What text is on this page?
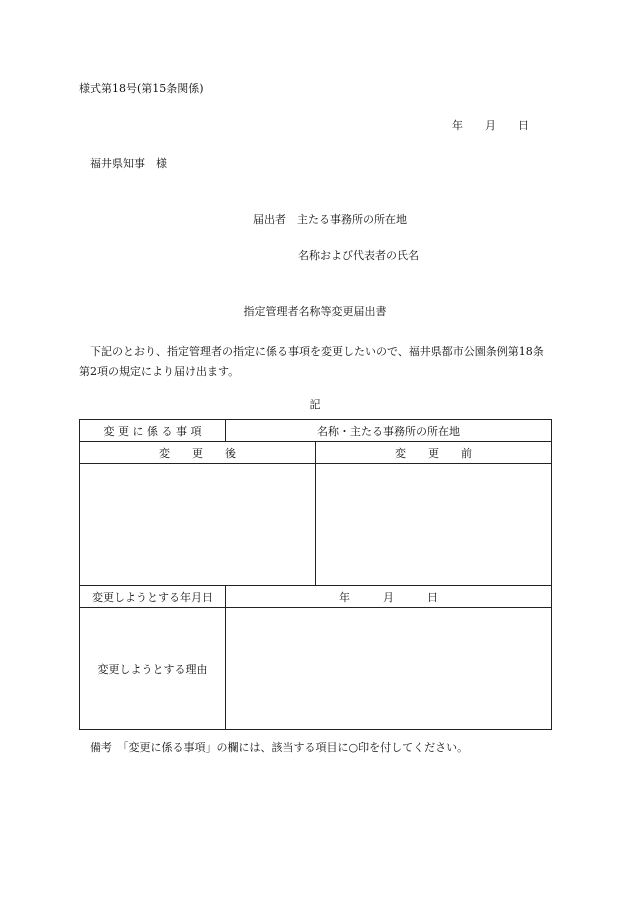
様式第18号(第15条関係)
年　　月　　日
福井県知事　様
届出者　主たる事務所の所在地
名称および代表者の氏名
指定管理者名称等変更届出書
下記のとおり、指定管理者の指定に係る事項を変更したいので、福井県都市公園条例第18条第2項の規定により届け出ます。
記
変 更 に 係 る 事 項	名称・主たる事務所の所在地	
変　　更　　後		変　　更　　前

変更しようとする年月日	年　　　月　　　日	
変更しようとする理由		
備考　「変更に係る事項」の欄には、該当する項目に○印を付してください。
